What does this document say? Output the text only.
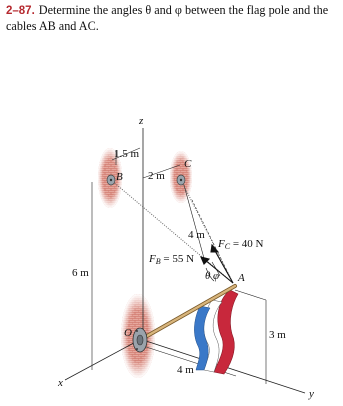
2–87. Determine the angles θ and φ between the flag pole and the cables AB and AC.
z
x
y
1.5 m
2 m
4 m
6 m
3 m
4 m
FC = 40 N
FB = 55 N
θ φ
B
C
A
O
